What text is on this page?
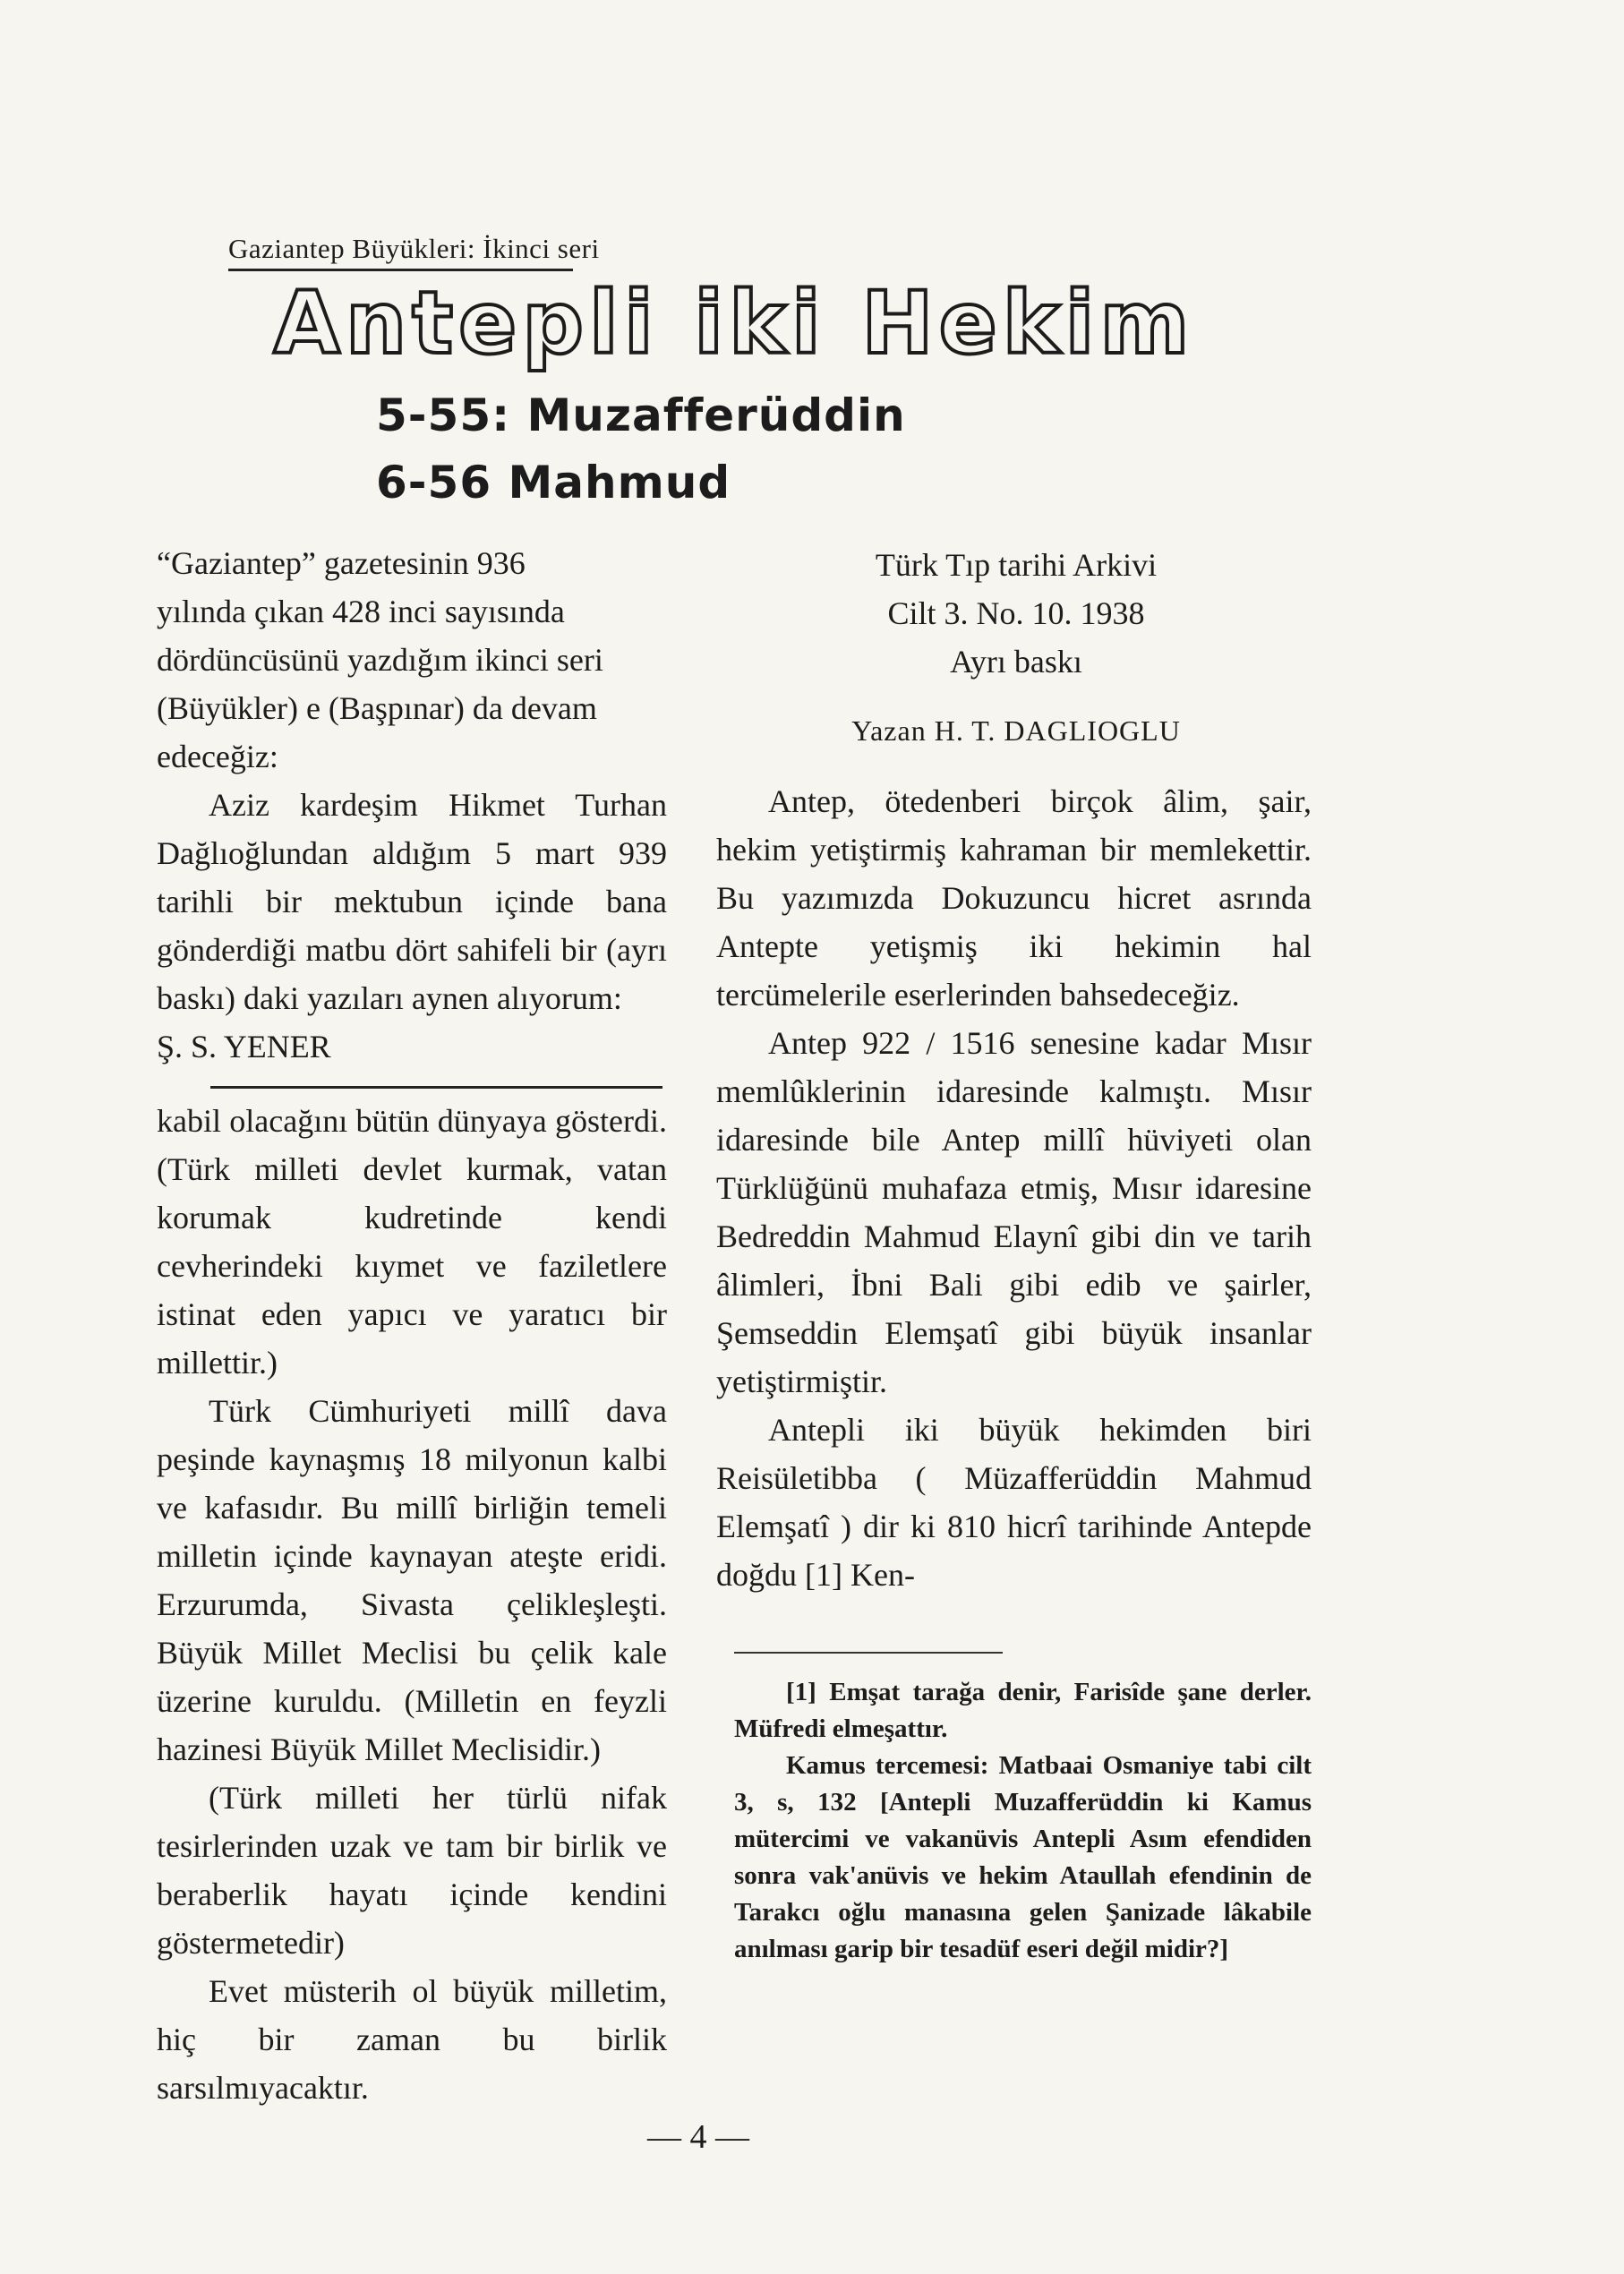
Gaziantep Büyükleri: İkinci seri
Antepli iki Hekim
5-55: Muzafferüddin
6-56 Mahmud

“Gaziantep” gazetesinin 936

yılında çıkan 428 inci sayısında

dördüncüsünü yazdığım ikinci seri

(Büyükler) e (Başpınar) da devam

edeceğiz:

Aziz kardeşim Hikmet Turhan Dağlıoğlundan aldığım 5 mart 939 tarihli bir mektubun içinde bana gönderdiği matbu dört sahifeli bir (ayrı baskı) daki yazıları aynen alıyorum:

Ş. S. YENER

kabil olacağını bütün dünyaya gösterdi. (Türk milleti devlet kurmak, vatan korumak kudretinde kendi cevherindeki kıymet ve faziletlere istinat eden yapıcı ve yaratıcı bir millettir.)

Türk Cümhuriyeti millî dava peşinde kaynaşmış 18 milyonun kalbi ve kafasıdır. Bu millî birliğin temeli milletin içinde kaynayan ateşte eridi. Erzurumda, Sivasta çelikleşleşti. Büyük Millet Meclisi bu çelik kale üzerine kuruldu. (Milletin en feyzli hazinesi Büyük Millet Meclisidir.)

(Türk milleti her türlü nifak tesirlerinden uzak ve tam bir birlik ve beraberlik hayatı içinde kendini göstermetedir)

Evet müsterih ol büyük milletim, hiç bir zaman bu birlik sarsılmıyacaktır.

Türk Tıp tarihi Arkivi
Cilt 3. No. 10. 1938
Ayrı baskı
Yazan H. T. DAGLIOGLU

Antep, ötedenberi birçok âlim, şair, hekim yetiştirmiş kahraman bir memlekettir. Bu yazımızda Dokuzuncu hicret asrında Antepte yetişmiş iki hekimin hal tercümelerile eserlerinden bahsedeceğiz.

Antep 922 / 1516 senesine kadar Mısır memlûklerinin idaresinde kalmıştı. Mısır idaresinde bile Antep millî hüviyeti olan Türklüğünü muhafaza etmiş, Mısır idaresine Bedreddin Mahmud Elaynî gibi din ve tarih âlimleri, İbni Bali gibi edib ve şairler, Şemseddin Elemşatî gibi büyük insanlar yetiştirmiştir.

Antepli iki büyük hekimden biri Reisületibba ( Müzafferüddin Mahmud Elemşatî ) dir ki 810 hicrî tarihinde Antepde doğdu [1] Ken-

[1] Emşat tarağa denir, Farisîde şane derler. Müfredi elmeşattır.

Kamus tercemesi: Matbaai Osmaniye tabi cilt 3, s, 132 [Antepli Muzafferüddin ki Kamus mütercimi ve vakanüvis Antepli Asım efendiden sonra vak'anüvis ve hekim Ataullah efendinin de Tarakcı oğlu manasına gelen Şanizade lâkabile anılması garip bir tesadüf eseri değil midir?]

— 4 —
